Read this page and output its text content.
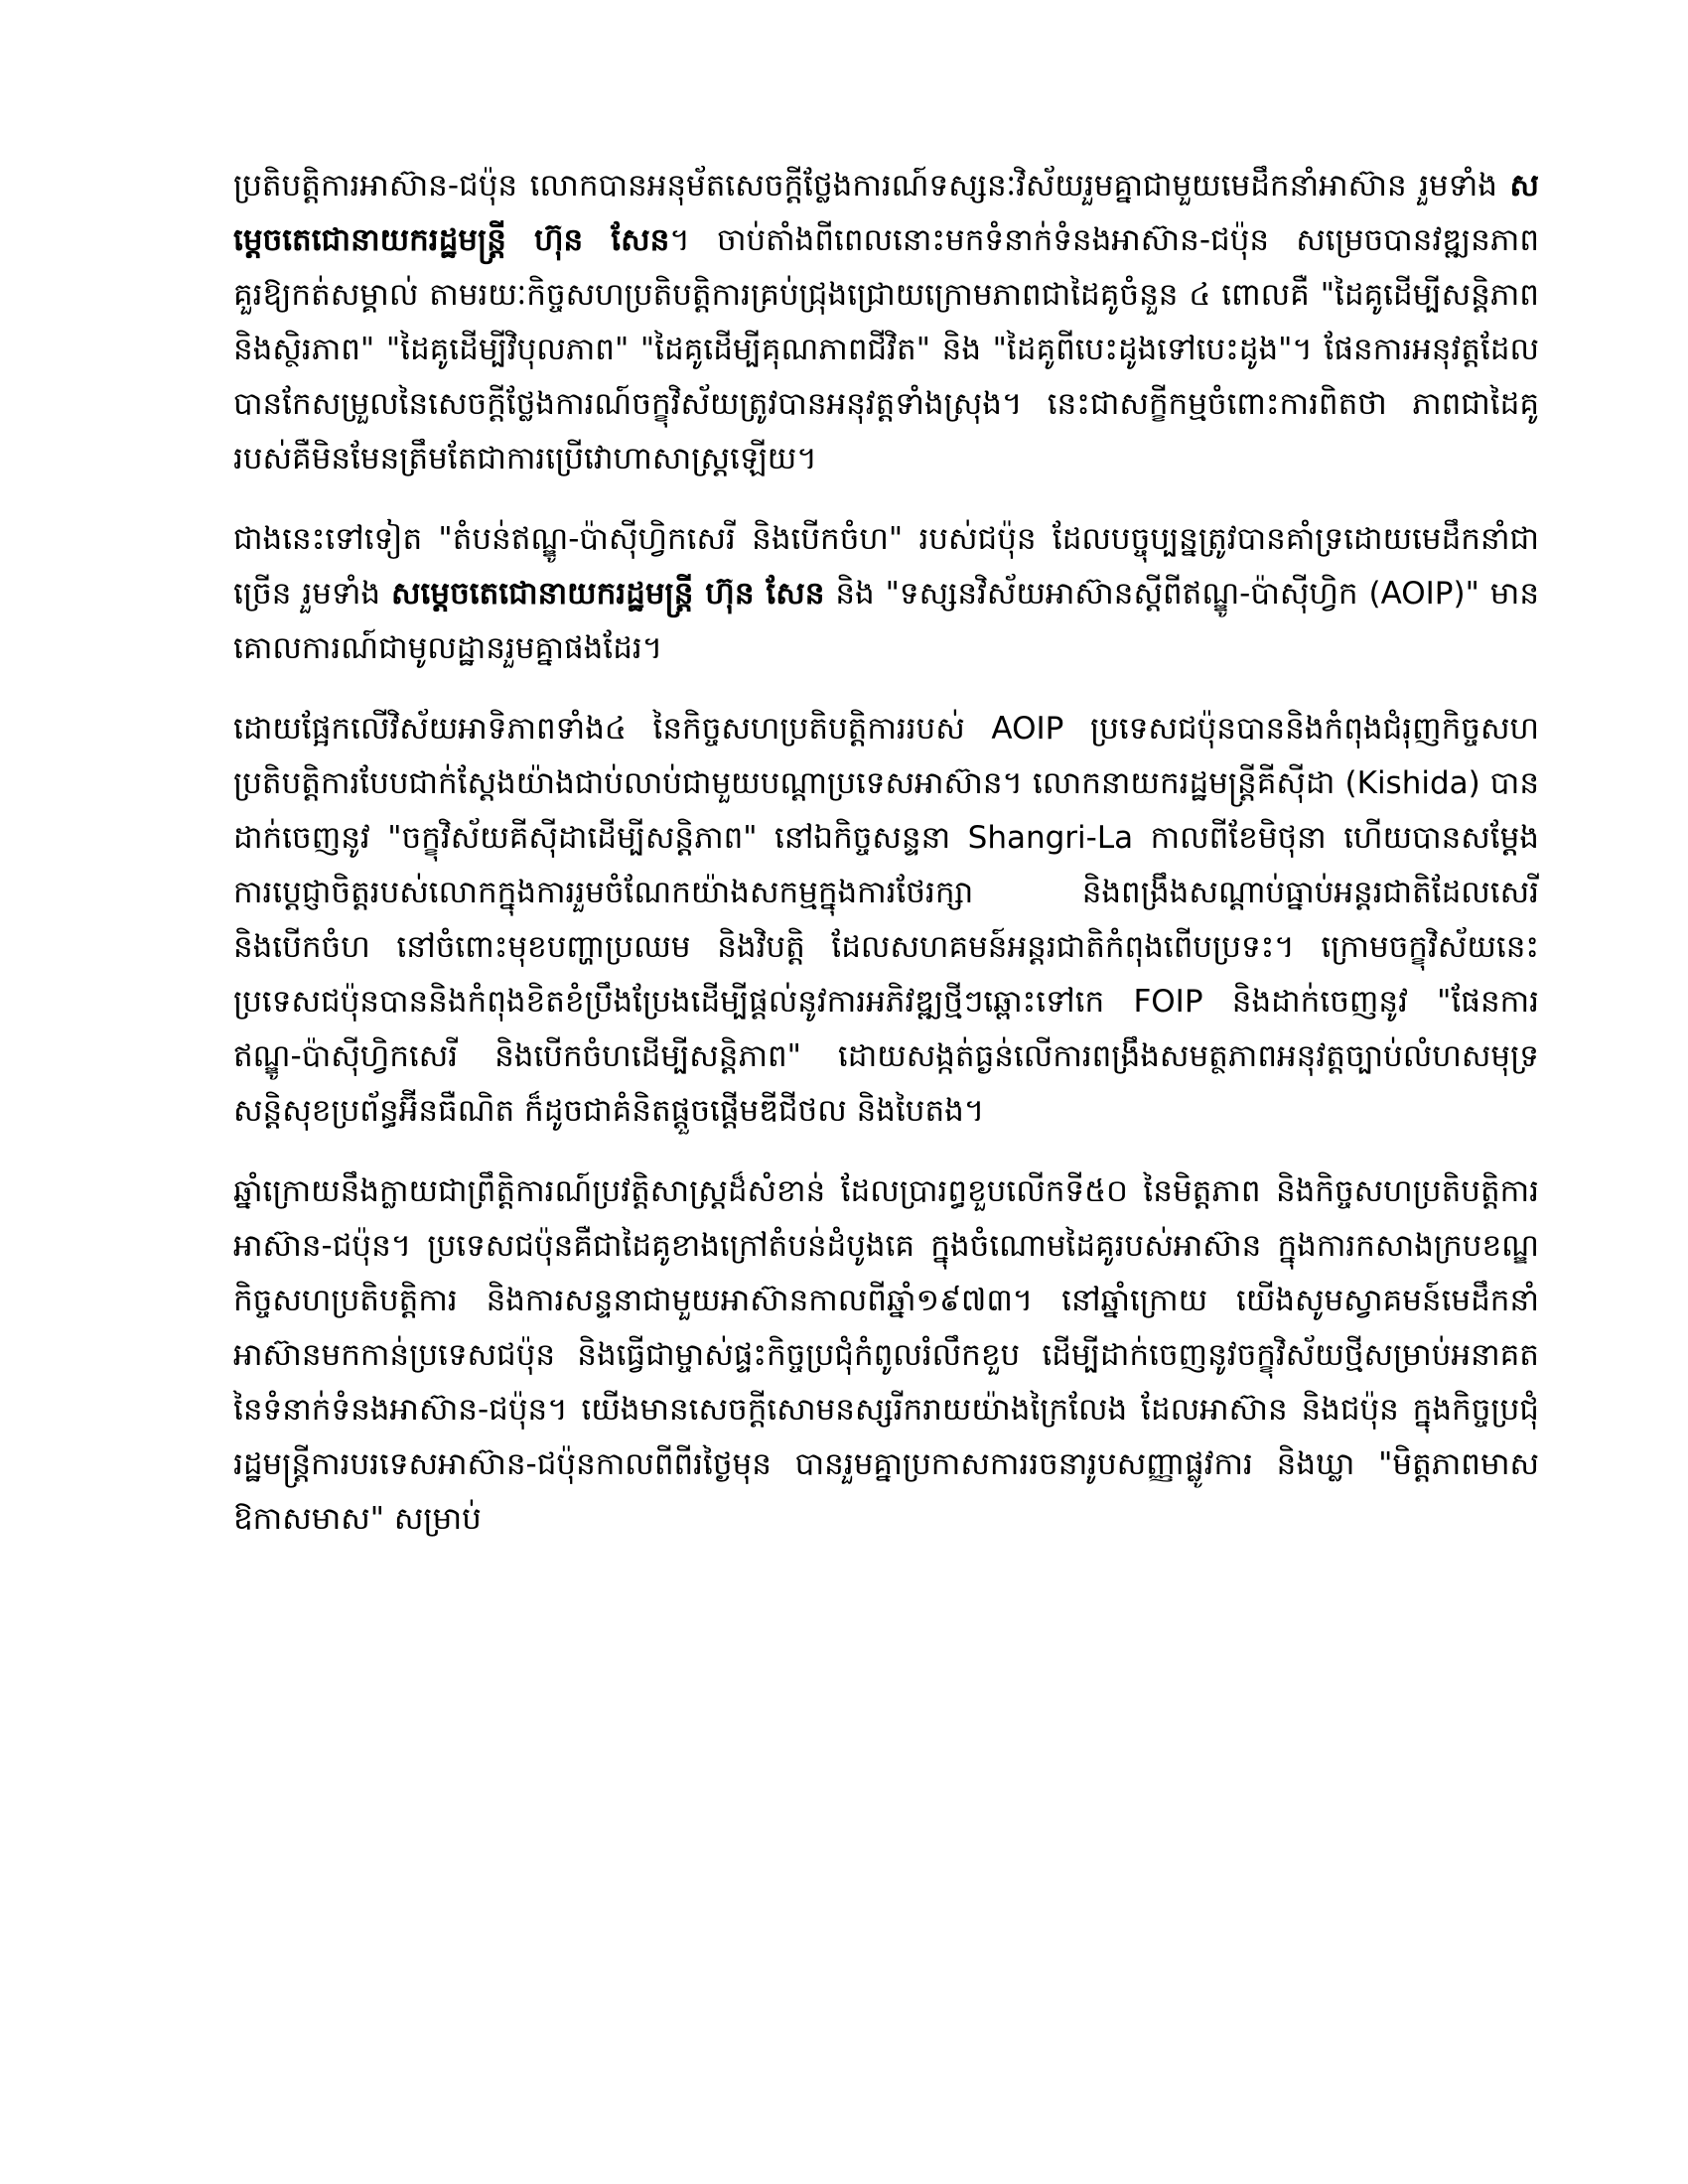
ប្រតិបត្តិការអាស៊ាន-ជប៉ុន លោកបានអនុម័តសេចក្តីថ្លែងការណ៍ទស្សនៈវិស័យរួមគ្នាជាមួយមេដឹកនាំអាស៊ាន រួមទាំង សម្តេចតេជោនាយករដ្ឋមន្ត្រី ហ៊ុន សែន។ ចាប់តាំងពីពេលនោះមកទំនាក់ទំនងអាស៊ាន-ជប៉ុន សម្រេចបានវឌ្ឍនភាពគួរឱ្យកត់សម្គាល់ តាមរយៈកិច្ចសហប្រតិបត្តិការគ្រប់ជ្រុងជ្រោយក្រោមភាពជាដៃគូចំនួន ៤ ពោលគឺ "ដៃគូដើម្បីសន្តិភាព និងស្ថិរភាព" "ដៃគូដើម្បីវិបុលភាព" "ដៃគូដើម្បីគុណភាពជីវិត" និង "ដៃគូពីបេះដូងទៅបេះដូង"។ ផែនការអនុវត្តដែលបានកែសម្រួលនៃសេចក្តីថ្លែងការណ៍ចក្ខុវិស័យត្រូវបានអនុវត្តទាំងស្រុង។ នេះជាសក្ខីកម្មចំពោះការពិតថា ភាពជាដៃគូរបស់គឺមិនមែនត្រឹមតែជាការប្រើវោហាសាស្ត្រឡើយ។

ជាងនេះទៅទៀត "តំបន់ឥណ្ឌូ-ប៉ាស៊ីហ្វិកសេរី និងបើកចំហ" របស់ជប៉ុន ដែលបច្ចុប្បន្នត្រូវបានគាំទ្រដោយមេដឹកនាំជាច្រើន រួមទាំង សម្តេចតេជោនាយករដ្ឋមន្ត្រី ហ៊ុន សែន និង "ទស្សនវិស័យអាស៊ានស្តីពីឥណ្ឌូ-ប៉ាស៊ីហ្វិក (AOIP)" មានគោលការណ៍ជាមូលដ្ឋានរួមគ្នាផងដែរ។

ដោយផ្អែកលើវិស័យអាទិភាពទាំង៤ នៃកិច្ចសហប្រតិបត្តិការរបស់ AOIP ប្រទេសជប៉ុនបាននិងកំពុងជំរុញកិច្ចសហប្រតិបត្តិការបែបជាក់ស្តែងយ៉ាងជាប់លាប់ជាមួយបណ្តាប្រទេសអាស៊ាន។ លោកនាយករដ្ឋមន្ត្រីគីស៊ីដា (Kishida) បានដាក់ចេញនូវ "ចក្ខុវិស័យគីស៊ីដាដើម្បីសន្តិភាព" នៅឯកិច្ចសន្ទនា Shangri-La កាលពីខែមិថុនា ហើយបានសម្តែងការប្តេជ្ញាចិត្តរបស់លោកក្នុងការរួមចំណែកយ៉ាងសកម្មក្នុងការថែរក្សា និងពង្រឹងសណ្តាប់ធ្នាប់អន្តរជាតិដែលសេរី និងបើកចំហ នៅចំពោះមុខបញ្ហាប្រឈម និងវិបត្តិ ដែលសហគមន៍អន្តរជាតិកំពុងពើបប្រទះ។ ក្រោមចក្ខុវិស័យនេះ ប្រទេសជប៉ុនបាននិងកំពុងខិតខំប្រឹងប្រែងដើម្បីផ្តល់នូវការអភិវឌ្ឍថ្មីៗឆ្ពោះទៅកេ FOIP និងដាក់ចេញនូវ "ផែនការឥណ្ឌូ-ប៉ាស៊ីហ្វិកសេរី និងបើកចំហដើម្បីសន្តិភាព" ដោយសង្កត់ធ្ងន់លើការពង្រឹងសមត្ថភាពអនុវត្តច្បាប់លំហសមុទ្រ សន្តិសុខប្រព័ន្ធអ៊ីនធឺណិត ក៏ដូចជាគំនិតផ្តួចផ្តើមឌីជីថល និងបៃតង។

ឆ្នាំក្រោយនឹងក្លាយជាព្រឹត្តិការណ៍ប្រវត្តិសាស្ត្រដ៏សំខាន់ ដែលប្រារព្ធខួបលើកទី៥០ នៃមិត្តភាព និងកិច្ចសហប្រតិបត្តិការអាស៊ាន-ជប៉ុន។ ប្រទេសជប៉ុនគឺជាដៃគូខាងក្រៅតំបន់ដំបូងគេ ក្នុងចំណោមដៃគូរបស់អាស៊ាន ក្នុងការកសាងក្របខណ្ឌកិច្ចសហប្រតិបត្តិការ និងការសន្ទនាជាមួយអាស៊ានកាលពីឆ្នាំ១៩៧៣។ នៅឆ្នាំក្រោយ យើងសូមស្វាគមន៍មេដឹកនាំអាស៊ានមកកាន់ប្រទេសជប៉ុន និងធ្វើជាម្ចាស់ផ្ទះកិច្ចប្រជុំកំពូលរំលឹកខួប ដើម្បីដាក់ចេញនូវចក្ខុវិស័យថ្មីសម្រាប់អនាគតនៃទំនាក់ទំនងអាស៊ាន-ជប៉ុន។ យើងមានសេចក្តីសោមនស្សរីករាយយ៉ាងក្រៃលែង ដែលអាស៊ាន និងជប៉ុន ក្នុងកិច្ចប្រជុំរដ្ឋមន្ត្រីការបរទេសអាស៊ាន-ជប៉ុនកាលពីពីរថ្ងៃមុន បានរួមគ្នាប្រកាសការរចនារូបសញ្ញាផ្លូវការ និងឃ្លា "មិត្តភាពមាស ឱកាសមាស" សម្រាប់
